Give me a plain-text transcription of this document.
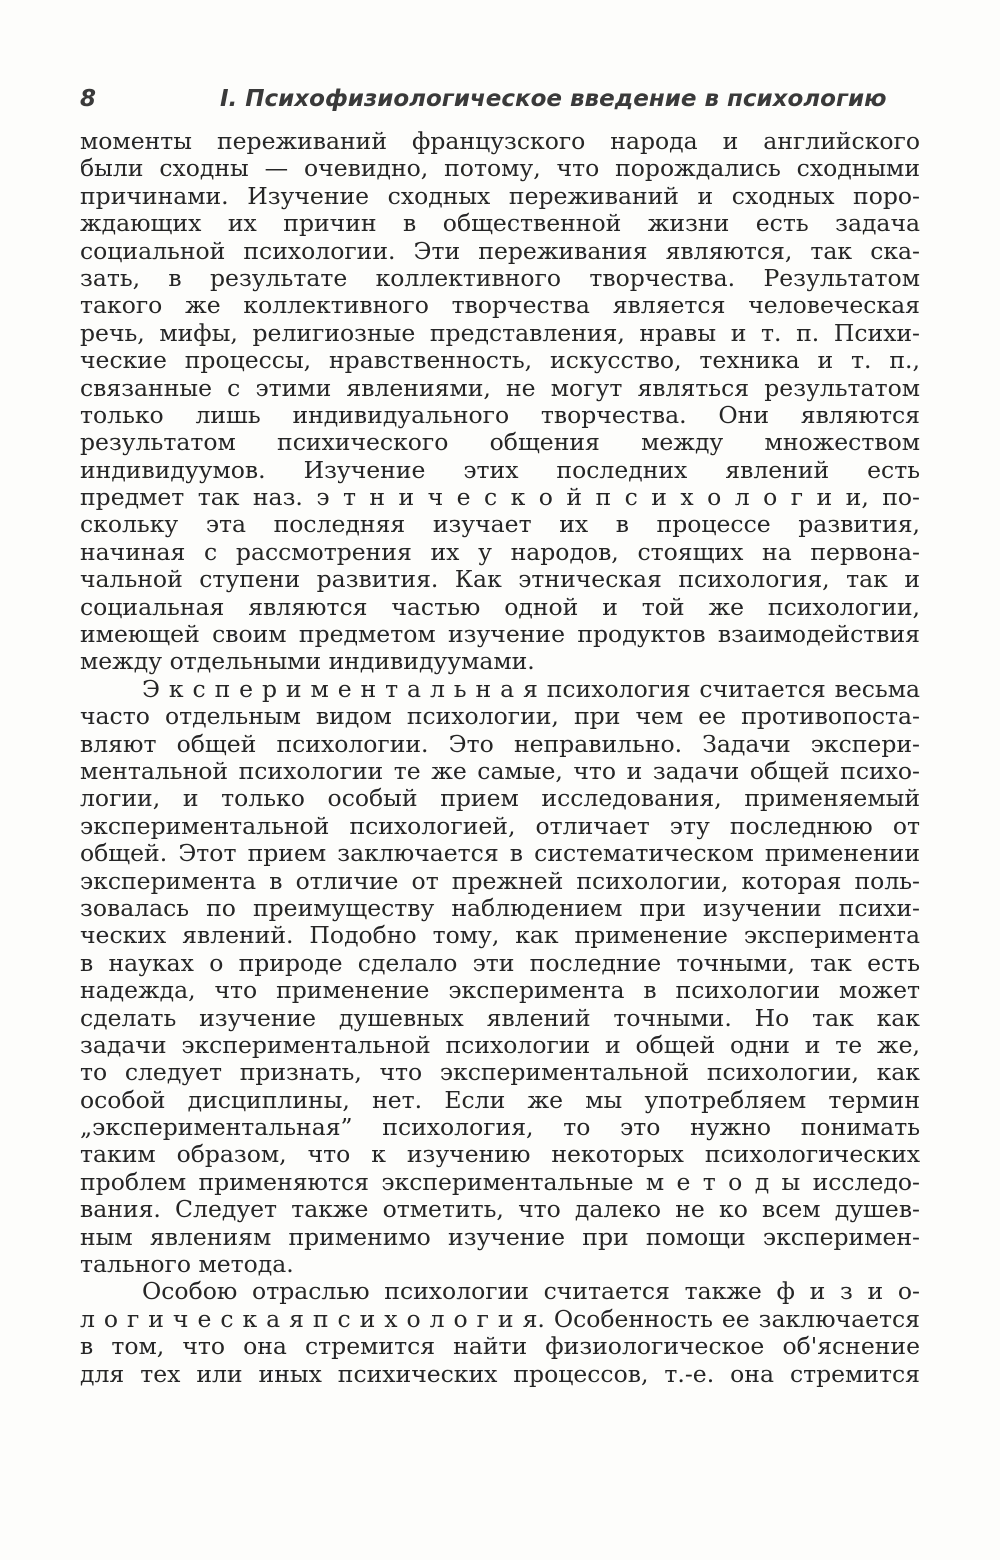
8	I. Психофизиологическое введение в психологию
моменты переживаний французского народа и английского
были сходны — очевидно, потому, что порождались сходными
причинами. Изучение сходных переживаний и сходных поро-
ждающих их причин в общественной жизни есть задача
социальной психологии. Эти переживания являются, так ска-
зать, в результате коллективного творчества. Результатом
такого же коллективного творчества является человеческая
речь, мифы, религиозные представления, нравы и т. п. Психи-
ческие процессы, нравственность, искусство, техника и т. п.,
связанные с этими явлениями, не могут являться результатом
только лишь индивидуального творчества. Они являются
результатом психического общения между множеством
индивидуумов. Изучение этих последних явлений есть
предмет так наз. э т н и ч е с к о й п с и х о л о г и и, по-
скольку эта последняя изучает их в процессе развития,
начиная с рассмотрения их у народов, стоящих на первона-
чальной ступени развития. Как этническая психология, так и
социальная являются частью одной и той же психологии,
имеющей своим предметом изучение продуктов взаимодействия
между отдельными индивидуумами.
Э к с п е р и м е н т а л ь н а я психология считается весьма
часто отдельным видом психологии, при чем ее противопоста-
вляют общей психологии. Это неправильно. Задачи экспери-
ментальной психологии те же самые, что и задачи общей психо-
логии, и только особый прием исследования, применяемый
экспериментальной психологией, отличает эту последнюю от
общей. Этот прием заключается в систематическом применении
эксперимента в отличие от прежней психологии, которая поль-
зовалась по преимуществу наблюдением при изучении психи-
ческих явлений. Подобно тому, как применение эксперимента
в науках о природе сделало эти последние точными, так есть
надежда, что применение эксперимента в психологии может
сделать изучение душевных явлений точными. Но так как
задачи экспериментальной психологии и общей одни и те же,
то следует признать, что экспериментальной психологии, как
особой дисциплины, нет. Если же мы употребляем термин
„экспериментальная” психология, то это нужно понимать
таким образом, что к изучению некоторых психологических
проблем применяются экспериментальные м е т о д ы исследо-
вания. Следует также отметить, что далеко не ко всем душев-
ным явлениям применимо изучение при помощи эксперимен-
тального метода.
Особою отраслью психологии считается также ф и з и о-
л о г и ч е с к а я п с и х о л о г и я. Особенность ее заключается
в том, что она стремится найти физиологическое об'яснение
для тех или иных психических процессов, т.-е. она стремится
